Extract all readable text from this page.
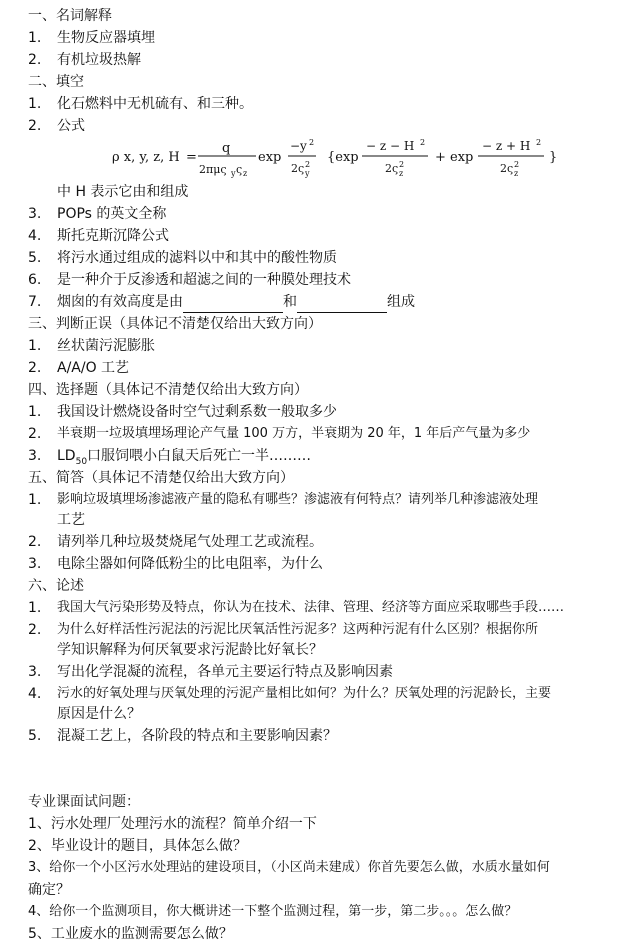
一、名词解释
1.	生物反应器填埋
2.	有机垃圾热解
二、填空
1.	化石燃料中无机硫有、和三种。
2.	公式
ρ x, y, z, H =
q
2πμς y ς z
exp
−y 2
2ς 2
y
{exp
− z − H 2
2ς 2
z
+ exp
− z + H 2
2ς 2
z
}
中 H 表示它由和组成
3.	POPs 的英文全称
4.	斯托克斯沉降公式
5.	将污水通过组成的滤料以中和其中的酸性物质
6.	是一种介于反渗透和超滤之间的一种膜处理技术
7.	烟囱的有效高度是由	和	组成
三、判断正误（具体记不清楚仅给出大致方向）
1.	丝状菌污泥膨胀
2.	A/A/O 工艺
四、选择题（具体记不清楚仅给出大致方向）
1.	我国设计燃烧设备时空气过剩系数一般取多少
2.	半衰期一垃圾填埋场理论产气量 100 万方，半衰期为 20 年，1 年后产气量为多少
3.	$LD_{50}$口服饲喂小白鼠天后死亡一半………
五、简答（具体记不清楚仅给出大致方向）
1.	影响垃圾填埋场渗滤液产量的隐私有哪些？渗滤液有何特点？请列举几种渗滤液处理
工艺
2.	请列举几种垃圾焚烧尾气处理工艺或流程。
3.	电除尘器如何降低粉尘的比电阻率，为什么
六、论述
1.	我国大气污染形势及特点，你认为在技术、法律、管理、经济等方面应采取哪些手段……
2.	为什么好样活性污泥法的污泥比厌氧活性污泥多？这两种污泥有什么区别？根据你所
学知识解释为何厌氧要求污泥龄比好氧长？
3.	写出化学混凝的流程，各单元主要运行特点及影响因素
4.	污水的好氧处理与厌氧处理的污泥产量相比如何？为什么？厌氧处理的污泥龄长，主要
原因是什么？
5.	混凝工艺上，各阶段的特点和主要影响因素？
专业课面试问题：
1、污水处理厂处理污水的流程？简单介绍一下
2、毕业设计的题目，具体怎么做？
3、给你一个小区污水处理站的建设项目，（小区尚未建成）你首先要怎么做，水质水量如何
确定？
4、给你一个监测项目，你大概讲述一下整个监测过程，第一步，第二步。。。怎么做？
5、工业废水的监测需要怎么做？
